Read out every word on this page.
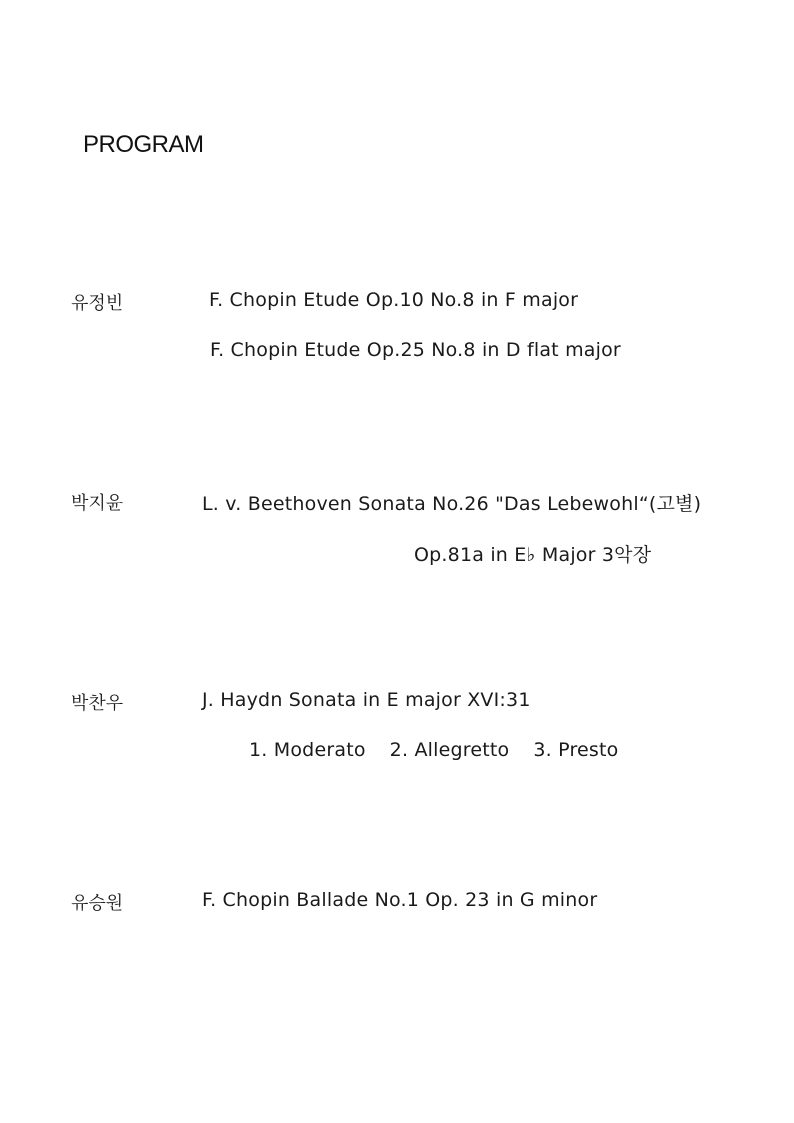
PROGRAM
유정빈	F. Chopin Etude Op.10 No.8 in F major
F. Chopin Etude Op.25 No.8 in D flat major
박지윤	L. v. Beethoven Sonata No.26 "Das Lebewohl“(고별)
Op.81a in E♭ Major 3악장
박찬우	J. Haydn Sonata in E major XVI:31
1. Moderato 2. Allegretto 3. Presto
유승원	F. Chopin Ballade No.1 Op. 23 in G minor
